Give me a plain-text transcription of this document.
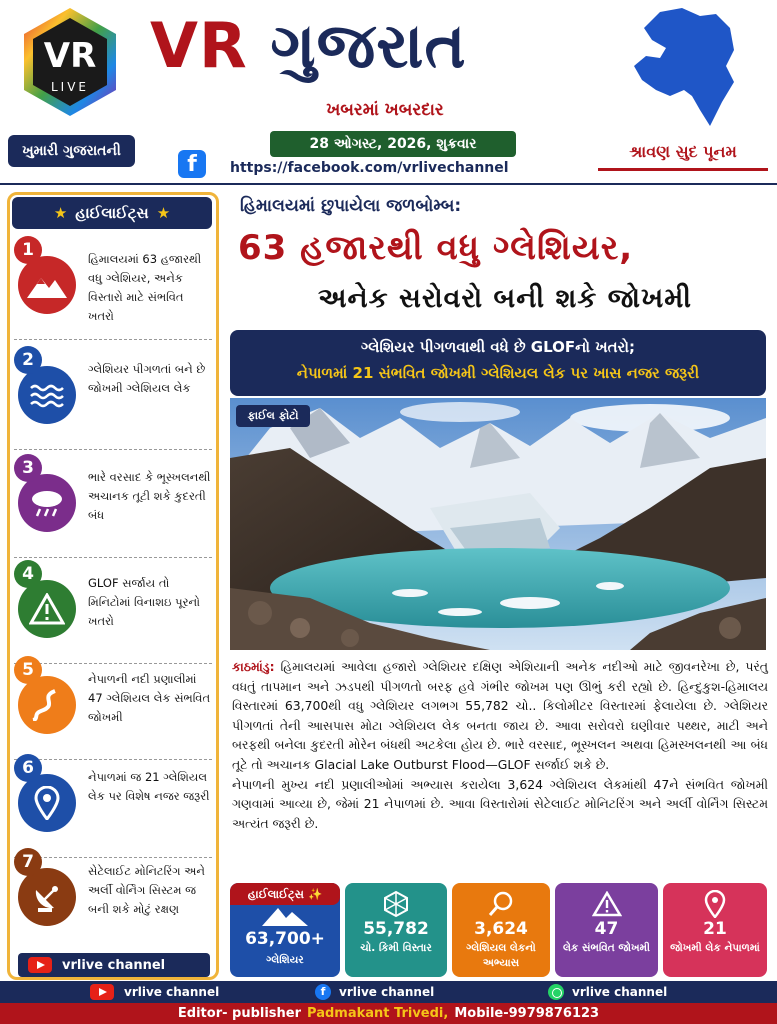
VR
LIVE
ખુમારી ગુજરાતની
VR ગુજરાત
ખબરમાં ખબરદાર
28 ઓગસ્ટ, 2026, શુક્રવાર
f	https://facebook.com/vrlivechannel
શ્રાવણ સુદ પૂનમ
★ હાઈલાઈટ્સ ★
1	હિમાલયમાં 63 હજારથી વધુ ગ્લેશિયર, અનેક વિસ્તારો માટે સંભવિત ખતરો
2	ગ્લેશિયર પીગળતાં બને છે જોખમી ગ્લેશિયલ લેક
3	ભારે વરસાદ કે ભૂસ્ખલનથી અચાનક તૂટી શકે કુદરતી બંધ
4	GLOF સર્જાય તો મિનિટોમાં વિનાશઇ પૂરનો ખતરો
5	નેપાળની નદી પ્રણાલીમાં 47 ગ્લેશિયલ લેક સંભવિત જોખમી
6	નેપાળમાં જ 21 ગ્લેશિયલ લેક પર વિશેષ નજર જરૂરી
7	સેટેલાઈટ મોનિટરિંગ અને અર્લી વોર્નિંગ સિસ્ટમ જ બની શકે મોટું રક્ષણ
vrlive channel
હિમાલયમાં છુપાયેલા જળબોમ્બ:
63 હજારથી વધુ ગ્લેશિયર,
અનેક સરોવરો બની શકે જોખમી
ગ્લેશિયર પીગળવાથી વધે છે GLOFનો ખતરો;
નેપાળમાં 21 સંભવિત જોખમી ગ્લેશિયલ લેક પર ખાસ નજર જરૂરી
ફાઈલ ફોટો

કાઠમાંડુ: હિમાલયમાં આવેલા હજારો ગ્લેશિયર દક્ષિણ એશિયાની અનેક નદીઓ માટે જીવનરેખા છે, પરંતુ વધતું તાપમાન અને ઝડપથી પીગળતો બરફ હવે ગંભીર જોખમ પણ ઊભું કરી રહ્યો છે. હિન્દુકુશ-હિમાલય વિસ્તારમાં 63,700થી વધુ ગ્લેશિયર લગભગ 55,782 ચો.. કિલોમીટર વિસ્તારમાં ફેલાયેલા છે. ગ્લેશિયર પીગળતાં તેની આસપાસ મોટા ગ્લેશિયલ લેક બનતા જાય છે. આવા સરોવરો ઘણીવાર પથ્થર, માટી અને બરફથી બનેલા કુદરતી મોરેન બંધથી અટકેલા હોય છે. ભારે વરસાદ, ભૂસ્ખલન અથવા હિમસ્ખલનથી આ બંધ તૂટે તો અચાનક Glacial Lake Outburst Flood—GLOF સર્જાઈ શકે છે.

નેપાળની મુખ્ય નદી પ્રણાલીઓમાં અભ્યાસ કરાયેલા 3,624 ગ્લેશિયલ લેકમાંથી 47ને સંભવિત જોખમી ગણવામાં આવ્યા છે, જેમાં 21 નેપાળમાં છે. આવા વિસ્તારોમાં સેટેલાઈટ મોનિટરિંગ અને અર્લી વોર્નિંગ સિસ્ટમ અત્યંત જરૂરી છે.

હાઈલાઈટ્સ ✨
63,700+
ગ્લેશિયર
55,782
ચો. કિમી વિસ્તાર
3,624
ગ્લેશિયલ લેકનો અભ્યાસ
47
લેક સંભવિત જોખમી
21
જોખમી લેક નેપાળમાં
vrlive channel	f	vrlive channel	vrlive channel
Editor- publisher Padmakant Trivedi, Mobile-9979876123
